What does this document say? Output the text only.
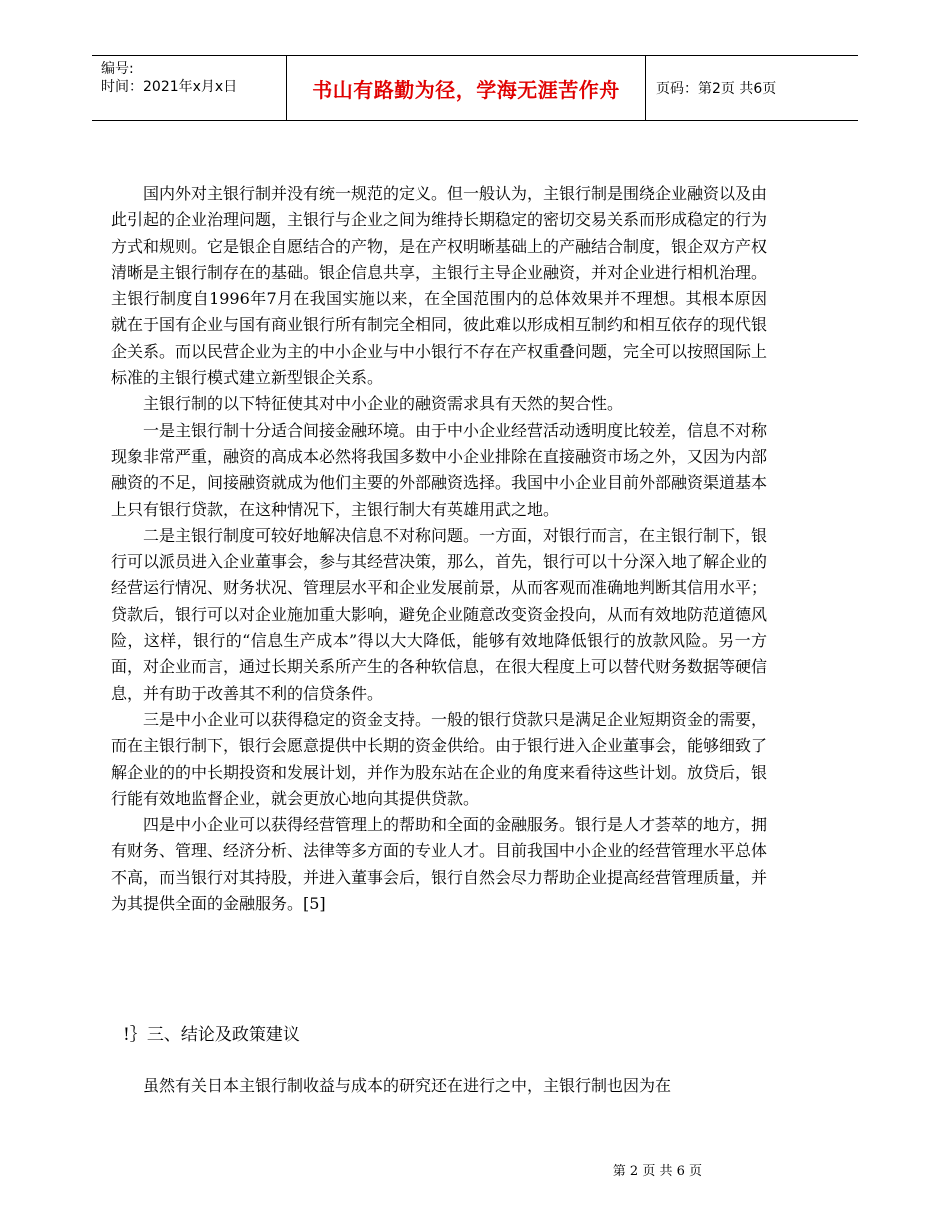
编号:
时间：2021年x月x日	书山有路勤为径，学海无涯苦作舟	页码：第2页 共6页

国内外对主银行制并没有统一规范的定义。但一般认为，主银行制是围绕企业融资以及由此引起的企业治理问题，主银行与企业之间为维持长期稳定的密切交易关系而形成稳定的行为方式和规则。它是银企自愿结合的产物，是在产权明晰基础上的产融结合制度，银企双方产权清晰是主银行制存在的基础。银企信息共享，主银行主导企业融资，并对企业进行相机治理。主银行制度自1996年7月在我国实施以来，在全国范围内的总体效果并不理想。其根本原因就在于国有企业与国有商业银行所有制完全相同，彼此难以形成相互制约和相互依存的现代银企关系。而以民营企业为主的中小企业与中小银行不存在产权重叠问题，完全可以按照国际上标准的主银行模式建立新型银企关系。

主银行制的以下特征使其对中小企业的融资需求具有天然的契合性。

一是主银行制十分适合间接金融环境。由于中小企业经营活动透明度比较差，信息不对称现象非常严重，融资的高成本必然将我国多数中小企业排除在直接融资市场之外，又因为内部融资的不足，间接融资就成为他们主要的外部融资选择。我国中小企业目前外部融资渠道基本上只有银行贷款，在这种情况下，主银行制大有英雄用武之地。

二是主银行制度可较好地解决信息不对称问题。一方面，对银行而言，在主银行制下，银行可以派员进入企业董事会，参与其经营决策，那么，首先，银行可以十分深入地了解企业的经营运行情况、财务状况、管理层水平和企业发展前景，从而客观而准确地判断其信用水平；贷款后，银行可以对企业施加重大影响，避免企业随意改变资金投向，从而有效地防范道德风险，这样，银行的“信息生产成本”得以大大降低，能够有效地降低银行的放款风险。另一方面，对企业而言，通过长期关系所产生的各种软信息，在很大程度上可以替代财务数据等硬信息，并有助于改善其不利的信贷条件。

三是中小企业可以获得稳定的资金支持。一般的银行贷款只是满足企业短期资金的需要，而在主银行制下，银行会愿意提供中长期的资金供给。由于银行进入企业董事会，能够细致了解企业的的中长期投资和发展计划，并作为股东站在企业的角度来看待这些计划。放贷后，银行能有效地监督企业，就会更放心地向其提供贷款。

四是中小企业可以获得经营管理上的帮助和全面的金融服务。银行是人才荟萃的地方，拥有财务、管理、经济分析、法律等多方面的专业人才。目前我国中小企业的经营管理水平总体不高，而当银行对其持股，并进入董事会后，银行自然会尽力帮助企业提高经营管理质量，并为其提供全面的金融服务。[5]

!｝三、结论及政策建议
虽然有关日本主银行制收益与成本的研究还在进行之中，主银行制也因为在
第 2 页 共 6 页
